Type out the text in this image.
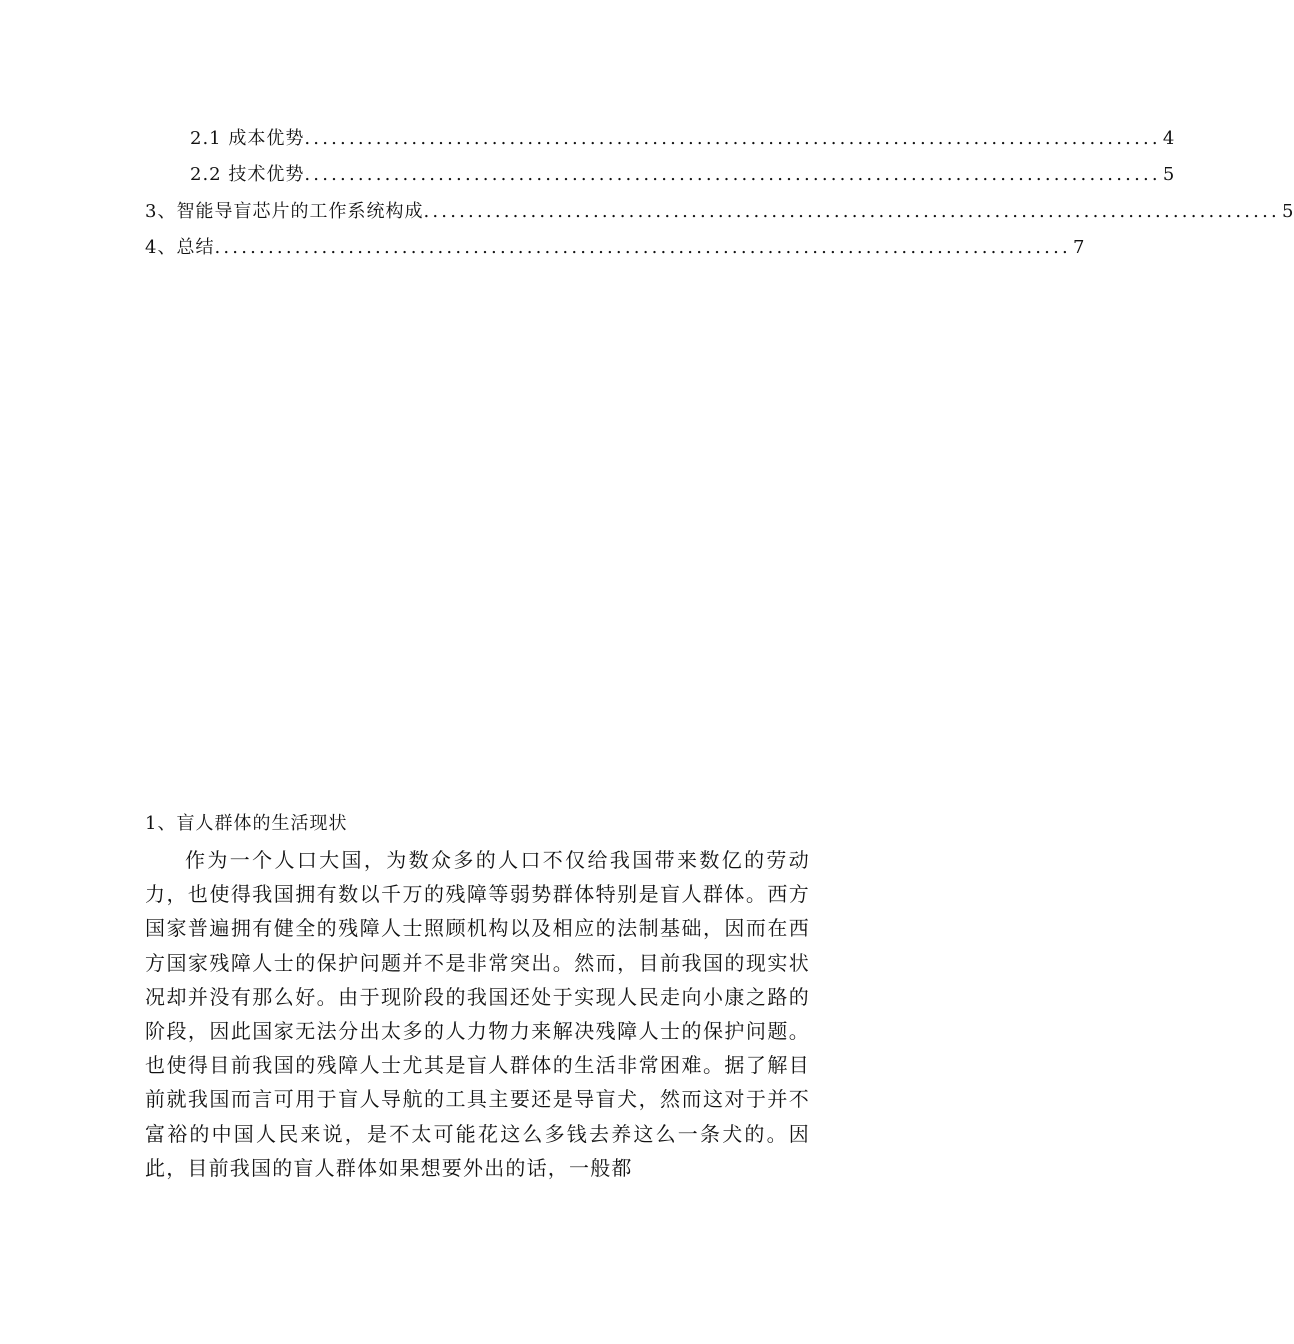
2.1 成本优势 ................................................................................................ 4
2.2 技术优势 ................................................................................................ 5
3、智能导盲芯片的工作系统构成 ................................................................................................ 5
4、总结 ................................................................................................ 7
1、盲人群体的生活现状

作为一个人口大国，为数众多的人口不仅给我国带来数亿的劳动力，也使得我国拥有数以千万的残障等弱势群体特别是盲人群体。西方国家普遍拥有健全的残障人士照顾机构以及相应的法制基础，因而在西方国家残障人士的保护问题并不是非常突出。然而，目前我国的现实状况却并没有那么好。由于现阶段的我国还处于实现人民走向小康之路的阶段，因此国家无法分出太多的人力物力来解决残障人士的保护问题。也使得目前我国的残障人士尤其是盲人群体的生活非常困难。据了解目前就我国而言可用于盲人导航的工具主要还是导盲犬，然而这对于并不富裕的中国人民来说，是不太可能花这么多钱去养这么一条犬的。因此，目前我国的盲人群体如果想要外出的话，一般都
